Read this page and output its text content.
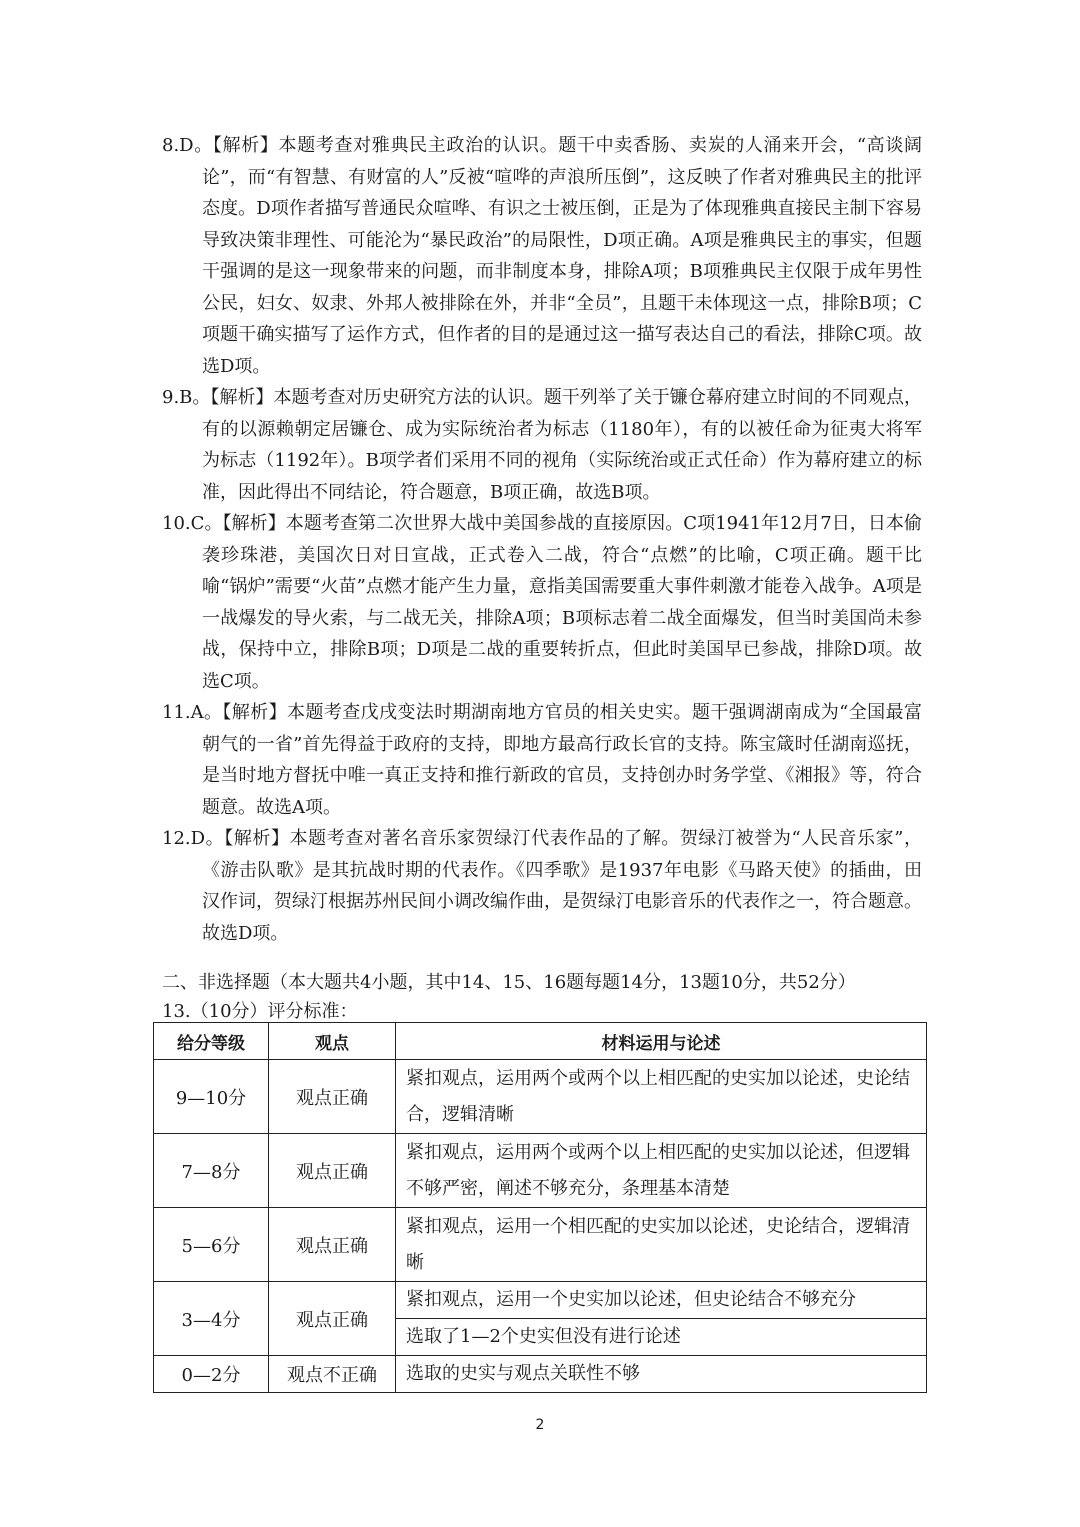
8.D。【解析】本题考查对雅典民主政治的认识。题干中卖香肠、卖炭的人涌来开会，“高谈阔论”，而“有智慧、有财富的人”反被“喧哗的声浪所压倒”，这反映了作者对雅典民主的批评态度。D项作者描写普通民众喧哗、有识之士被压倒，正是为了体现雅典直接民主制下容易导致决策非理性、可能沦为“暴民政治”的局限性，D项正确。A项是雅典民主的事实，但题干强调的是这一现象带来的问题，而非制度本身，排除A项；B项雅典民主仅限于成年男性公民，妇女、奴隶、外邦人被排除在外，并非“全员”，且题干未体现这一点，排除B项；C项题干确实描写了运作方式，但作者的目的是通过这一描写表达自己的看法，排除C项。故选D项。

9.B。【解析】本题考查对历史研究方法的认识。题干列举了关于镰仓幕府建立时间的不同观点，有的以源赖朝定居镰仓、成为实际统治者为标志（1180年），有的以被任命为征夷大将军为标志（1192年）。B项学者们采用不同的视角（实际统治或正式任命）作为幕府建立的标准，因此得出不同结论，符合题意，B项正确，故选B项。

10.C。【解析】本题考查第二次世界大战中美国参战的直接原因。C项1941年12月7日，日本偷袭珍珠港，美国次日对日宣战，正式卷入二战，符合“点燃”的比喻，C项正确。题干比喻“锅炉”需要“火苗”点燃才能产生力量，意指美国需要重大事件刺激才能卷入战争。A项是一战爆发的导火索，与二战无关，排除A项；B项标志着二战全面爆发，但当时美国尚未参战，保持中立，排除B项；D项是二战的重要转折点，但此时美国早已参战，排除D项。故选C项。

11.A。【解析】本题考查戊戌变法时期湖南地方官员的相关史实。题干强调湖南成为“全国最富朝气的一省”首先得益于政府的支持，即地方最高行政长官的支持。陈宝箴时任湖南巡抚，是当时地方督抚中唯一真正支持和推行新政的官员，支持创办时务学堂、《湘报》等，符合题意。故选A项。

12.D。【解析】本题考查对著名音乐家贺绿汀代表作品的了解。贺绿汀被誉为“人民音乐家”，《游击队歌》是其抗战时期的代表作。《四季歌》是1937年电影《马路天使》的插曲，田汉作词，贺绿汀根据苏州民间小调改编作曲，是贺绿汀电影音乐的代表作之一，符合题意。故选D项。

二、非选择题（本大题共4小题，其中14、15、16题每题14分，13题10分，共52分）
13.（10分）评分标准：
给分等级	观点	材料运用与论述
9—10分	观点正确	紧扣观点，运用两个或两个以上相匹配的史实加以论述，史论结合，逻辑清晰
7—8分	观点正确	紧扣观点，运用两个或两个以上相匹配的史实加以论述，但逻辑不够严密，阐述不够充分，条理基本清楚
5—6分	观点正确	紧扣观点，运用一个相匹配的史实加以论述，史论结合，逻辑清晰
3—4分	观点正确	紧扣观点，运用一个史实加以论述，但史论结合不够充分
		选取了1—2个史实但没有进行论述
0—2分	观点不正确	选取的史实与观点关联性不够
2
